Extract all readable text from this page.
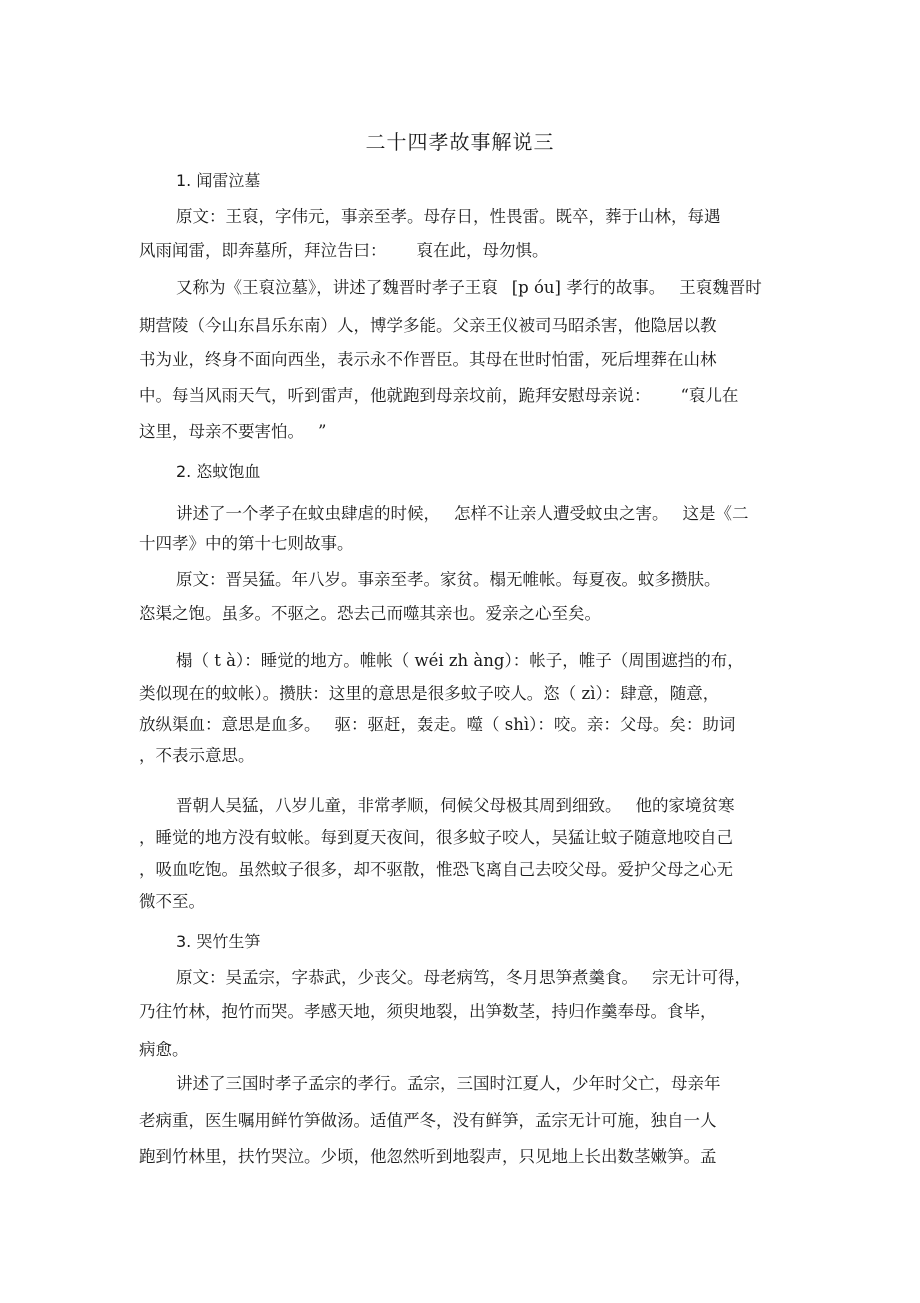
二十四孝故事解说三
1. 闻雷泣墓
原文：王裒，字伟元，事亲至孝。母存日，性畏雷。既卒，葬于山林，每遇
风雨闻雷，即奔墓所，拜泣告曰： 裒在此，母勿惧。
又称为《王裒泣墓》，讲述了魏晋时孝子王裒 [p óu] 孝行的故事。 王裒魏晋时
期营陵（今山东昌乐东南）人，博学多能。父亲王仪被司马昭杀害，他隐居以教
书为业，终身不面向西坐，表示永不作晋臣。其母在世时怕雷，死后埋葬在山林
中。每当风雨天气，听到雷声，他就跑到母亲坟前，跪拜安慰母亲说： “裒儿在
这里，母亲不要害怕。 ”
2. 恣蚊饱血
讲述了一个孝子在蚊虫肆虐的时候， 怎样不让亲人遭受蚊虫之害。 这是《二
十四孝》中的第十七则故事。
原文：晋吴猛。年八岁。事亲至孝。家贫。榻无帷帐。每夏夜。蚊多攒肤。
恣渠之饱。虽多。不驱之。恐去己而噬其亲也。爱亲之心至矣。
榻（ t à）：睡觉的地方。帷帐（ wéi zh àng）：帐子，帷子（周围遮挡的布，
类似现在的蚊帐）。攒肤：这里的意思是很多蚊子咬人。恣（ zì）：肆意，随意，
放纵渠血：意思是血多。 驱：驱赶，轰走。噬（ shì）：咬。亲：父母。矣：助词
，不表示意思。
晋朝人吴猛，八岁儿童，非常孝顺，伺候父母极其周到细致。 他的家境贫寒
，睡觉的地方没有蚊帐。每到夏天夜间，很多蚊子咬人，吴猛让蚊子随意地咬自己
，吸血吃饱。虽然蚊子很多，却不驱散，惟恐飞离自己去咬父母。爱护父母之心无
微不至。
3. 哭竹生笋
原文：吴孟宗，字恭武，少丧父。母老病笃，冬月思笋煮羹食。 宗无计可得，
乃往竹林，抱竹而哭。孝感天地，须臾地裂，出笋数茎，持归作羹奉母。食毕，
病愈。
讲述了三国时孝子孟宗的孝行。孟宗，三国时江夏人，少年时父亡，母亲年
老病重，医生嘱用鲜竹笋做汤。适值严冬，没有鲜笋，孟宗无计可施，独自一人
跑到竹林里，扶竹哭泣。少顷，他忽然听到地裂声，只见地上长出数茎嫩笋。孟
